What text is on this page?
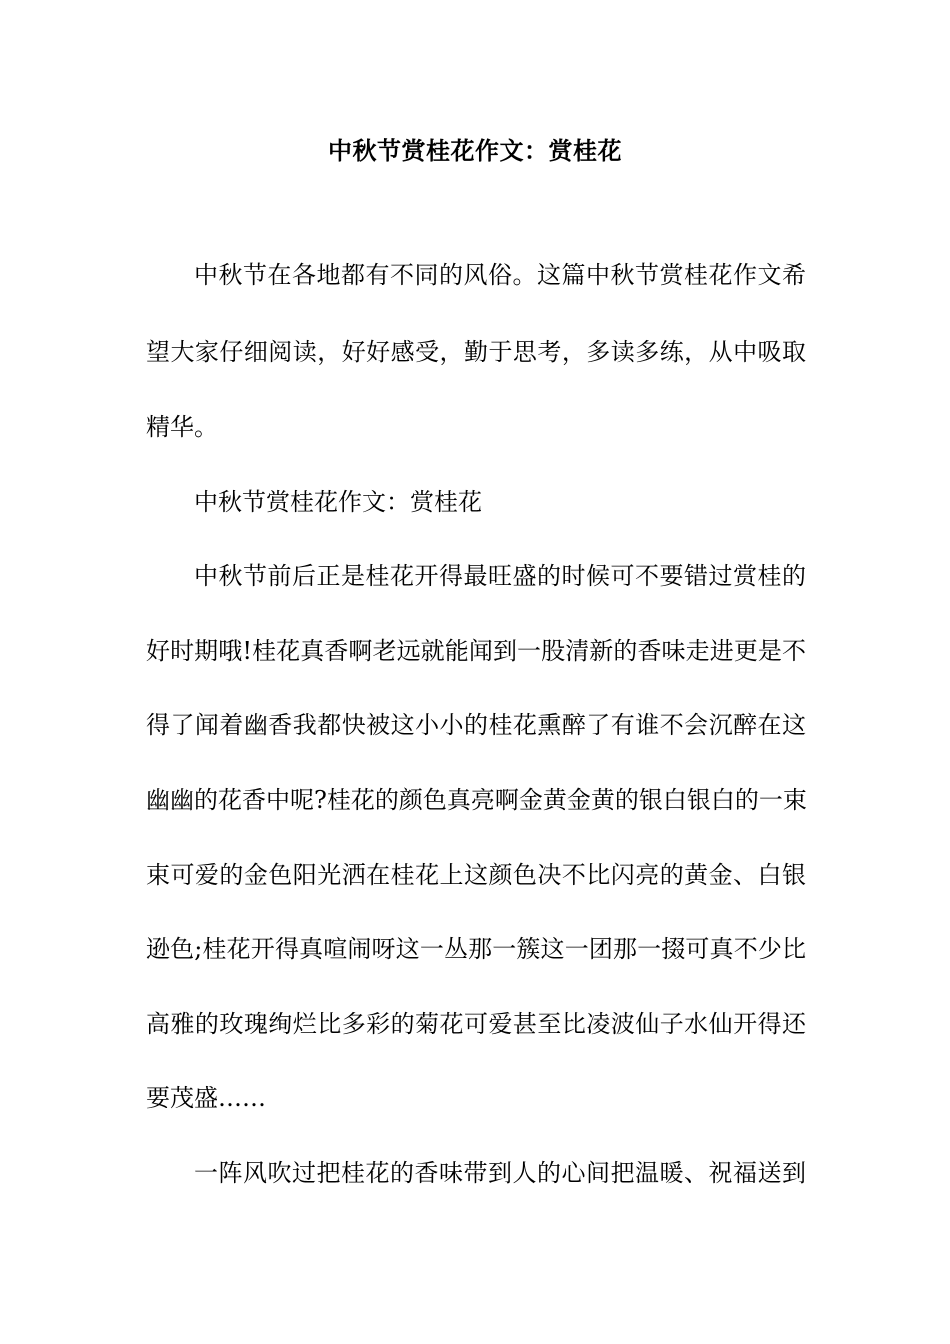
中秋节赏桂花作文：赏桂花

中秋节在各地都有不同的风俗。这篇中秋节赏桂花作文希

望大家仔细阅读，好好感受，勤于思考，多读多练，从中吸取

精华。

中秋节赏桂花作文：赏桂花

中秋节前后正是桂花开得最旺盛的时候可不要错过赏桂的

好时期哦!桂花真香啊老远就能闻到一股清新的香味走进更是不

得了闻着幽香我都快被这小小的桂花熏醉了有谁不会沉醉在这

幽幽的花香中呢?桂花的颜色真亮啊金黄金黄的银白银白的一束

束可爱的金色阳光洒在桂花上这颜色决不比闪亮的黄金、白银

逊色;桂花开得真喧闹呀这一丛那一簇这一团那一掇可真不少比

高雅的玫瑰绚烂比多彩的菊花可爱甚至比凌波仙子水仙开得还

要茂盛……

一阵风吹过把桂花的香味带到人的心间把温暖、祝福送到
